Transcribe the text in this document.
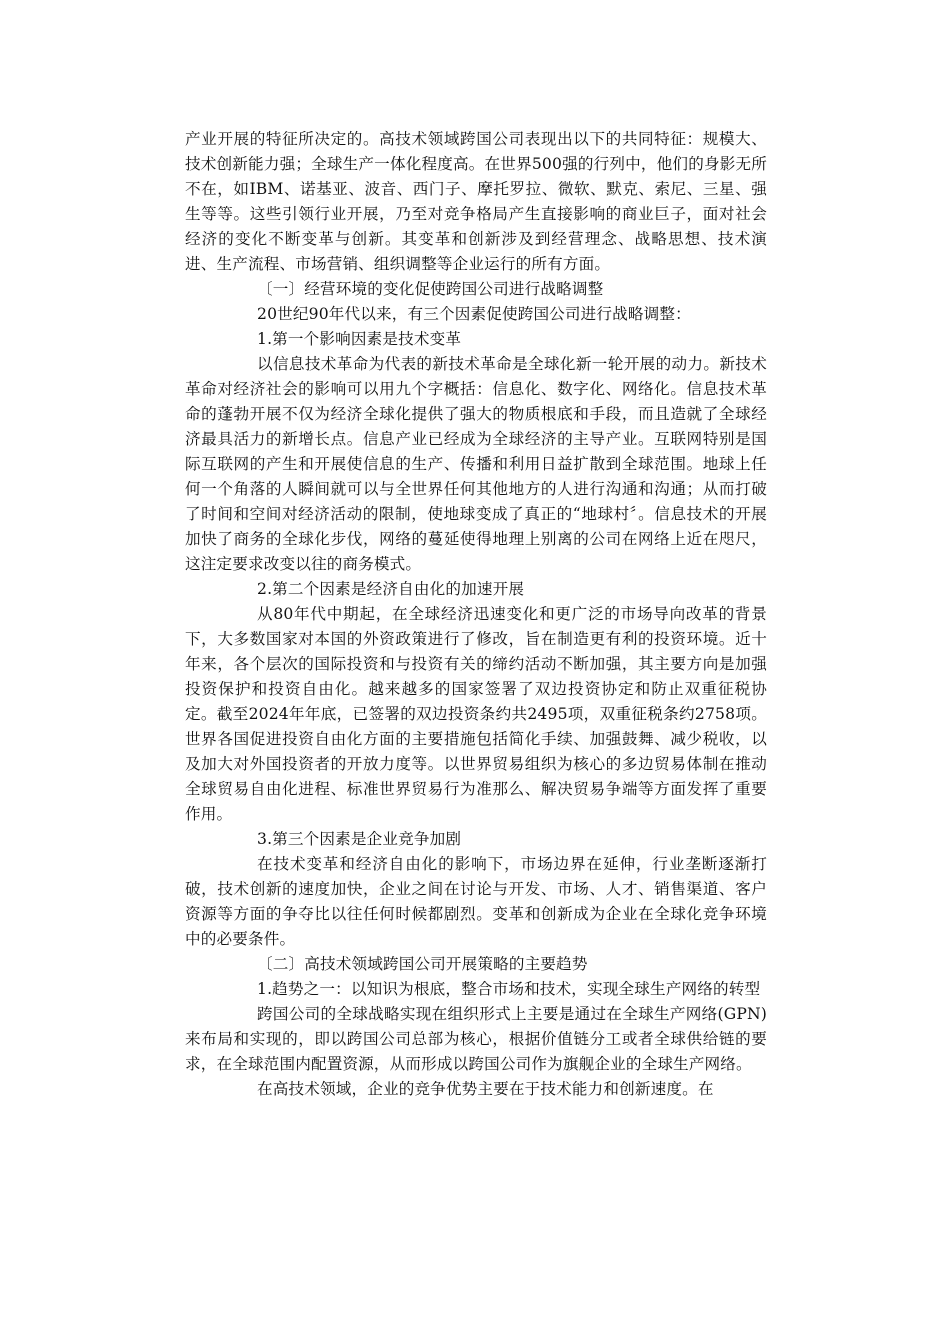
产业开展的特征所决定的。高技术领域跨国公司表现出以下的共同特征：规模大、技术创新能力强；全球生产一体化程度高。在世界500强的行列中，他们的身影无所不在，如IBM、诺基亚、波音、西门子、摩托罗拉、微软、默克、索尼、三星、强生等等。这些引领行业开展，乃至对竞争格局产生直接影响的商业巨子，面对社会经济的变化不断变革与创新。其变革和创新涉及到经营理念、战略思想、技术演进、生产流程、市场营销、组织调整等企业运行的所有方面。

〔一〕经营环境的变化促使跨国公司进行战略调整

20世纪90年代以来，有三个因素促使跨国公司进行战略调整：

1.第一个影响因素是技术变革

以信息技术革命为代表的新技术革命是全球化新一轮开展的动力。新技术革命对经济社会的影响可以用九个字概括：信息化、数字化、网络化。信息技术革命的蓬勃开展不仅为经济全球化提供了强大的物质根底和手段，而且造就了全球经济最具活力的新增长点。信息产业已经成为全球经济的主导产业。互联网特别是国际互联网的产生和开展使信息的生产、传播和利用日益扩散到全球范围。地球上任何一个角落的人瞬间就可以与全世界任何其他地方的人进行沟通和沟通；从而打破了时间和空间对经济活动的限制，使地球变成了真正的“地球村〞。信息技术的开展加快了商务的全球化步伐，网络的蔓延使得地理上别离的公司在网络上近在咫尺，这注定要求改变以往的商务模式。

2.第二个因素是经济自由化的加速开展

从80年代中期起，在全球经济迅速变化和更广泛的市场导向改革的背景下，大多数国家对本国的外资政策进行了修改，旨在制造更有利的投资环境。近十年来，各个层次的国际投资和与投资有关的缔约活动不断加强，其主要方向是加强投资保护和投资自由化。越来越多的国家签署了双边投资协定和防止双重征税协定。截至2024年年底，已签署的双边投资条约共2495项，双重征税条约2758项。世界各国促进投资自由化方面的主要措施包括简化手续、加强鼓舞、减少税收，以及加大对外国投资者的开放力度等。以世界贸易组织为核心的多边贸易体制在推动全球贸易自由化进程、标准世界贸易行为准那么、解决贸易争端等方面发挥了重要作用。

3.第三个因素是企业竞争加剧

在技术变革和经济自由化的影响下，市场边界在延伸，行业垄断逐渐打破，技术创新的速度加快，企业之间在讨论与开发、市场、人才、销售渠道、客户资源等方面的争夺比以往任何时候都剧烈。变革和创新成为企业在全球化竞争环境中的必要条件。

〔二〕高技术领域跨国公司开展策略的主要趋势

1.趋势之一：以知识为根底，整合市场和技术，实现全球生产网络的转型

跨国公司的全球战略实现在组织形式上主要是通过在全球生产网络(GPN)来布局和实现的，即以跨国公司总部为核心，根据价值链分工或者全球供给链的要求，在全球范围内配置资源，从而形成以跨国公司作为旗舰企业的全球生产网络。

在高技术领域，企业的竞争优势主要在于技术能力和创新速度。在
